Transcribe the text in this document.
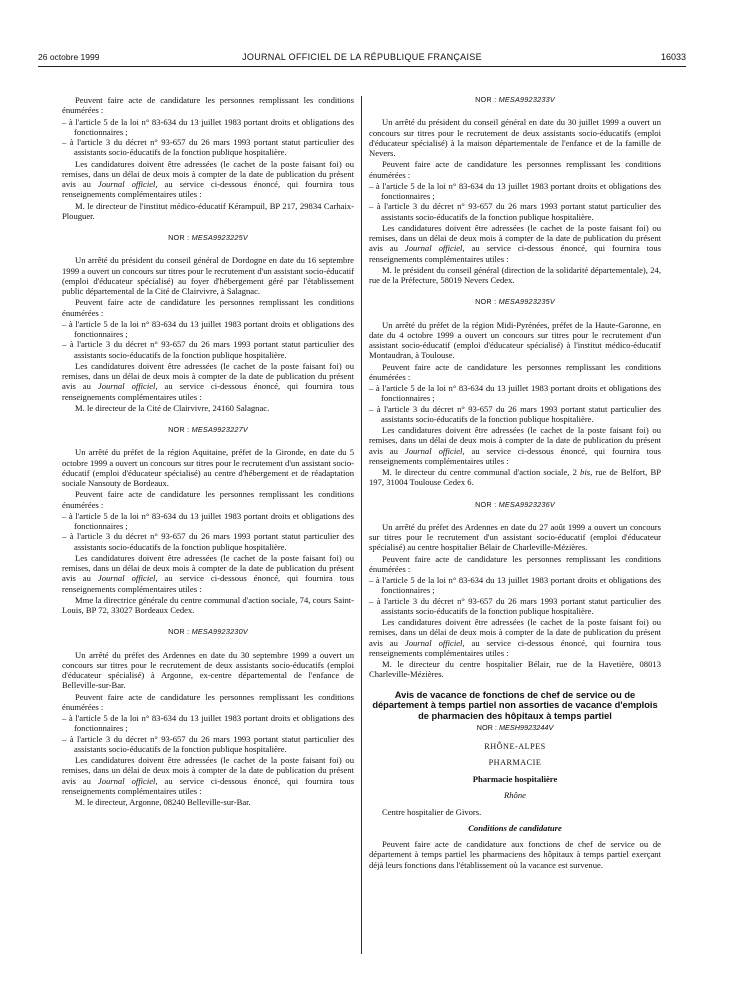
26 octobre 1999	JOURNAL OFFICIEL DE LA RÉPUBLIQUE FRANÇAISE	16033

Peuvent faire acte de candidature les personnes remplissant les conditions énumérées :

– à l'article 5 de la loi n° 83-634 du 13 juillet 1983 portant droits et obligations des fonctionnaires ;
– à l'article 3 du décret n° 93-657 du 26 mars 1993 portant statut particulier des assistants socio-éducatifs de la fonction publique hospitalière.

Les candidatures doivent être adressées (le cachet de la poste faisant foi) ou remises, dans un délai de deux mois à compter de la date de publication du présent avis au Journal officiel, au service ci-dessous énoncé, qui fournira tous renseignements complémentaires utiles :

M. le directeur de l'institut médico-éducatif Kérampuil, BP 217, 29834 Carhaix-Plouguer.

NOR : MESA9923225V

Un arrêté du président du conseil général de Dordogne en date du 16 septembre 1999 a ouvert un concours sur titres pour le recrutement d'un assistant socio-éducatif (emploi d'éducateur spécialisé) au foyer d'hébergement géré par l'établissement public départemental de la Cité de Clairvivre, à Salagnac.

Peuvent faire acte de candidature les personnes remplissant les conditions énumérées :

– à l'article 5 de la loi n° 83-634 du 13 juillet 1983 portant droits et obligations des fonctionnaires ;
– à l'article 3 du décret n° 93-657 du 26 mars 1993 portant statut particulier des assistants socio-éducatifs de la fonction publique hospitalière.

Les candidatures doivent être adressées (le cachet de la poste faisant foi) ou remises, dans un délai de deux mois à compter de la date de publication du présent avis au Journal officiel, au service ci-dessous énoncé, qui fournira tous renseignements complémentaires utiles :

M. le directeur de la Cité de Clairvivre, 24160 Salagnac.

NOR : MESA9923227V

Un arrêté du préfet de la région Aquitaine, préfet de la Gironde, en date du 5 octobre 1999 a ouvert un concours sur titres pour le recrutement d'un assistant socio-éducatif (emploi d'éducateur spécialisé) au centre d'hébergement et de réadaptation sociale Nansouty de Bordeaux.

Peuvent faire acte de candidature les personnes remplissant les conditions énumérées :

– à l'article 5 de la loi n° 83-634 du 13 juillet 1983 portant droits et obligations des fonctionnaires ;
– à l'article 3 du décret n° 93-657 du 26 mars 1993 portant statut particulier des assistants socio-éducatifs de la fonction publique hospitalière.

Les candidatures doivent être adressées (le cachet de la poste faisant foi) ou remises, dans un délai de deux mois à compter de la date de publication du présent avis au Journal officiel, au service ci-dessous énoncé, qui fournira tous renseignements complémentaires utiles :

Mme la directrice générale du centre communal d'action sociale, 74, cours Saint-Louis, BP 72, 33027 Bordeaux Cedex.

NOR : MESA9923230V

Un arrêté du préfet des Ardennes en date du 30 septembre 1999 a ouvert un concours sur titres pour le recrutement de deux assistants socio-éducatifs (emploi d'éducateur spécialisé) à Argonne, ex-centre départemental de l'enfance de Belleville-sur-Bar.

Peuvent faire acte de candidature les personnes remplissant les conditions énumérées :

– à l'article 5 de la loi n° 83-634 du 13 juillet 1983 portant droits et obligations des fonctionnaires ;
– à l'article 3 du décret n° 93-657 du 26 mars 1993 portant statut particulier des assistants socio-éducatifs de la fonction publique hospitalière.

Les candidatures doivent être adressées (le cachet de la poste faisant foi) ou remises, dans un délai de deux mois à compter de la date de publication du présent avis au Journal officiel, au service ci-dessous énoncé, qui fournira tous renseignements complémentaires utiles :

M. le directeur, Argonne, 08240 Belleville-sur-Bar.

NOR : MESA9923233V

Un arrêté du président du conseil général en date du 30 juillet 1999 a ouvert un concours sur titres pour le recrutement de deux assistants socio-éducatifs (emploi d'éducateur spécialisé) à la maison départementale de l'enfance et de la famille de Nevers.

Peuvent faire acte de candidature les personnes remplissant les conditions énumérées :

– à l'article 5 de la loi n° 83-634 du 13 juillet 1983 portant droits et obligations des fonctionnaires ;
– à l'article 3 du décret n° 93-657 du 26 mars 1993 portant statut particulier des assistants socio-éducatifs de la fonction publique hospitalière.

Les candidatures doivent être adressées (le cachet de la poste faisant foi) ou remises, dans un délai de deux mois à compter de la date de publication du présent avis au Journal officiel, au service ci-dessous énoncé, qui fournira tous renseignements complémentaires utiles :

M. le président du conseil général (direction de la solidarité départementale), 24, rue de la Préfecture, 58019 Nevers Cedex.

NOR : MESA9923235V

Un arrêté du préfet de la région Midi-Pyrénées, préfet de la Haute-Garonne, en date du 4 octobre 1999 a ouvert un concours sur titres pour le recrutement d'un assistant socio-éducatif (emploi d'éducateur spécialisé) à l'institut médico-éducatif Montaudran, à Toulouse.

Peuvent faire acte de candidature les personnes remplissant les conditions énumérées :

– à l'article 5 de la loi n° 83-634 du 13 juillet 1983 portant droits et obligations des fonctionnaires ;
– à l'article 3 du décret n° 93-657 du 26 mars 1993 portant statut particulier des assistants socio-éducatifs de la fonction publique hospitalière.

Les candidatures doivent être adressées (le cachet de la poste faisant foi) ou remises, dans un délai de deux mois à compter de la date de publication du présent avis au Journal officiel, au service ci-dessous énoncé, qui fournira tous renseignements complémentaires utiles :

M. le directeur du centre communal d'action sociale, 2 bis, rue de Belfort, BP 197, 31004 Toulouse Cedex 6.

NOR : MESA9923236V

Un arrêté du préfet des Ardennes en date du 27 août 1999 a ouvert un concours sur titres pour le recrutement d'un assistant socio-éducatif (emploi d'éducateur spécialisé) au centre hospitalier Bélair de Charleville-Mézières.

Peuvent faire acte de candidature les personnes remplissant les conditions énumérées :

– à l'article 5 de la loi n° 83-634 du 13 juillet 1983 portant droits et obligations des fonctionnaires ;
– à l'article 3 du décret n° 93-657 du 26 mars 1993 portant statut particulier des assistants socio-éducatifs de la fonction publique hospitalière.

Les candidatures doivent être adressées (le cachet de la poste faisant foi) ou remises, dans un délai de deux mois à compter de la date de publication du présent avis au Journal officiel, au service ci-dessous énoncé, qui fournira tous renseignements complémentaires utiles :

M. le directeur du centre hospitalier Bélair, rue de la Havetière, 08013 Charleville-Mézières.

Avis de vacance de fonctions de chef de service ou de département à temps partiel non assorties de vacance d'emplois de pharmacien des hôpitaux à temps partiel
NOR : MESH9923244V

RHÔNE-ALPES

PHARMACIE

Pharmacie hospitalière

Rhône

Centre hospitalier de Givors.

Conditions de candidature

Peuvent faire acte de candidature aux fonctions de chef de service ou de département à temps partiel les pharmaciens des hôpitaux à temps partiel exerçant déjà leurs fonctions dans l'établissement où la vacance est survenue.
